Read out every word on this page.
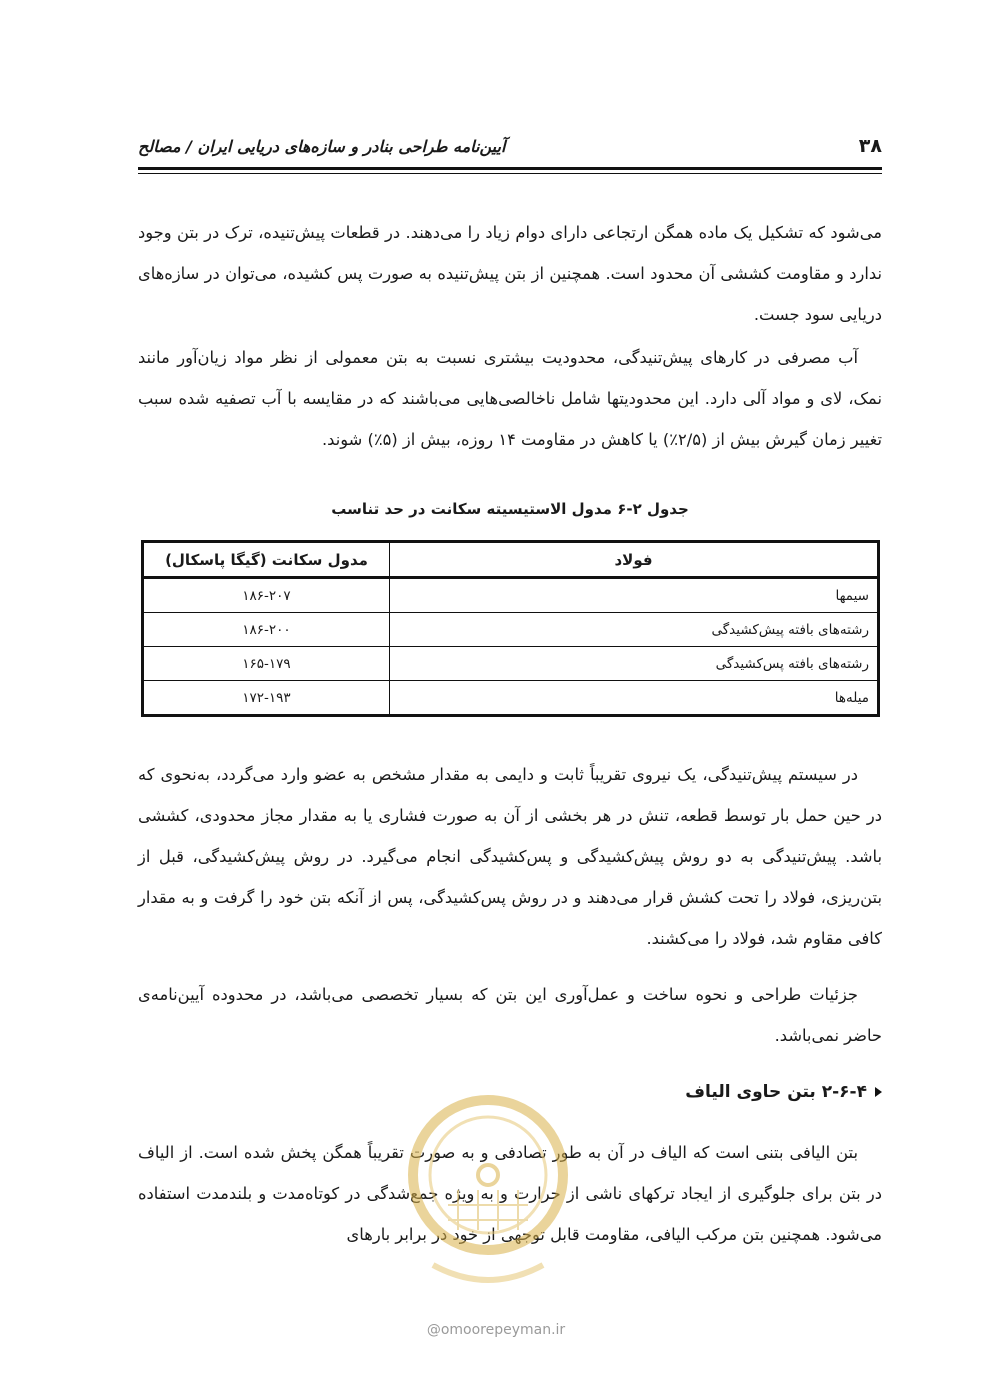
۳۸
آیین‌نامه طراحی بنادر و سازه‌های دریایی ایران / مصالح

می‌شود که تشکیل یک ماده همگن ارتجاعی دارای دوام زیاد را می‌دهند. در قطعات پیش‌تنیده، ترک در بتن وجود ندارد و مقاومت کششی آن محدود است. همچنین از بتن پیش‌تنیده به صورت پس کشیده، می‌توان در سازه‌های دریایی سود جست.

آب مصرفی در کارهای پیش‌تنیدگی، محدودیت بیشتری نسبت به بتن معمولی از نظر مواد زیان‌آور مانند نمک، لای و مواد آلی دارد. این محدودیتها شامل ناخالصی‌هایی می‌باشند که در مقایسه با آب تصفیه شده سبب تغییر زمان گیرش بیش از (۲/۵٪) یا کاهش در مقاومت ۱۴ روزه، بیش از (۵٪) شوند.

جدول ۲-۶ مدول الاستیسیته سکانت در حد تناسب
فولاد	مدول سکانت (گیگا پاسکال)
سیمها	۱۸۶-۲۰۷
رشته‌های بافته پیش‌کشیدگی	۱۸۶-۲۰۰
رشته‌های بافته پس‌کشیدگی	۱۶۵-۱۷۹
میله‌ها	۱۷۲-۱۹۳

در سیستم پیش‌تنیدگی، یک نیروی تقریباً ثابت و دایمی به مقدار مشخص به عضو وارد می‌گردد، به‌نحوی که در حین حمل بار توسط قطعه، تنش در هر بخشی از آن به صورت فشاری یا به مقدار مجاز محدودی، کششی باشد. پیش‌تنیدگی به دو روش پیش‌کشیدگی و پس‌کشیدگی انجام می‌گیرد. در روش پیش‌کشیدگی، قبل از بتن‌ریزی، فولاد را تحت کشش قرار می‌دهند و در روش پس‌کشیدگی، پس از آنکه بتن خود را گرفت و به مقدار کافی مقاوم شد، فولاد را می‌کشند.

جزئیات طراحی و نحوه ساخت و عمل‌آوری این بتن که بسیار تخصصی می‌باشد، در محدوده آیین‌نامه‌ی حاضر نمی‌باشد.

۲-۶-۴ بتن حاوی الیاف

بتن الیافی بتنی است که الیاف در آن به طور تصادفی و به صورت تقریباً همگن پخش شده است. از الیاف در بتن برای جلوگیری از ایجاد ترکهای ناشی از حرارت و به ویژه جمع‌شدگی در کوتاه‌مدت و بلندمدت استفاده می‌شود. همچنین بتن مرکب الیافی، مقاومت قابل توجهی از خود در برابر بارهای

@omoorepeyman.ir
